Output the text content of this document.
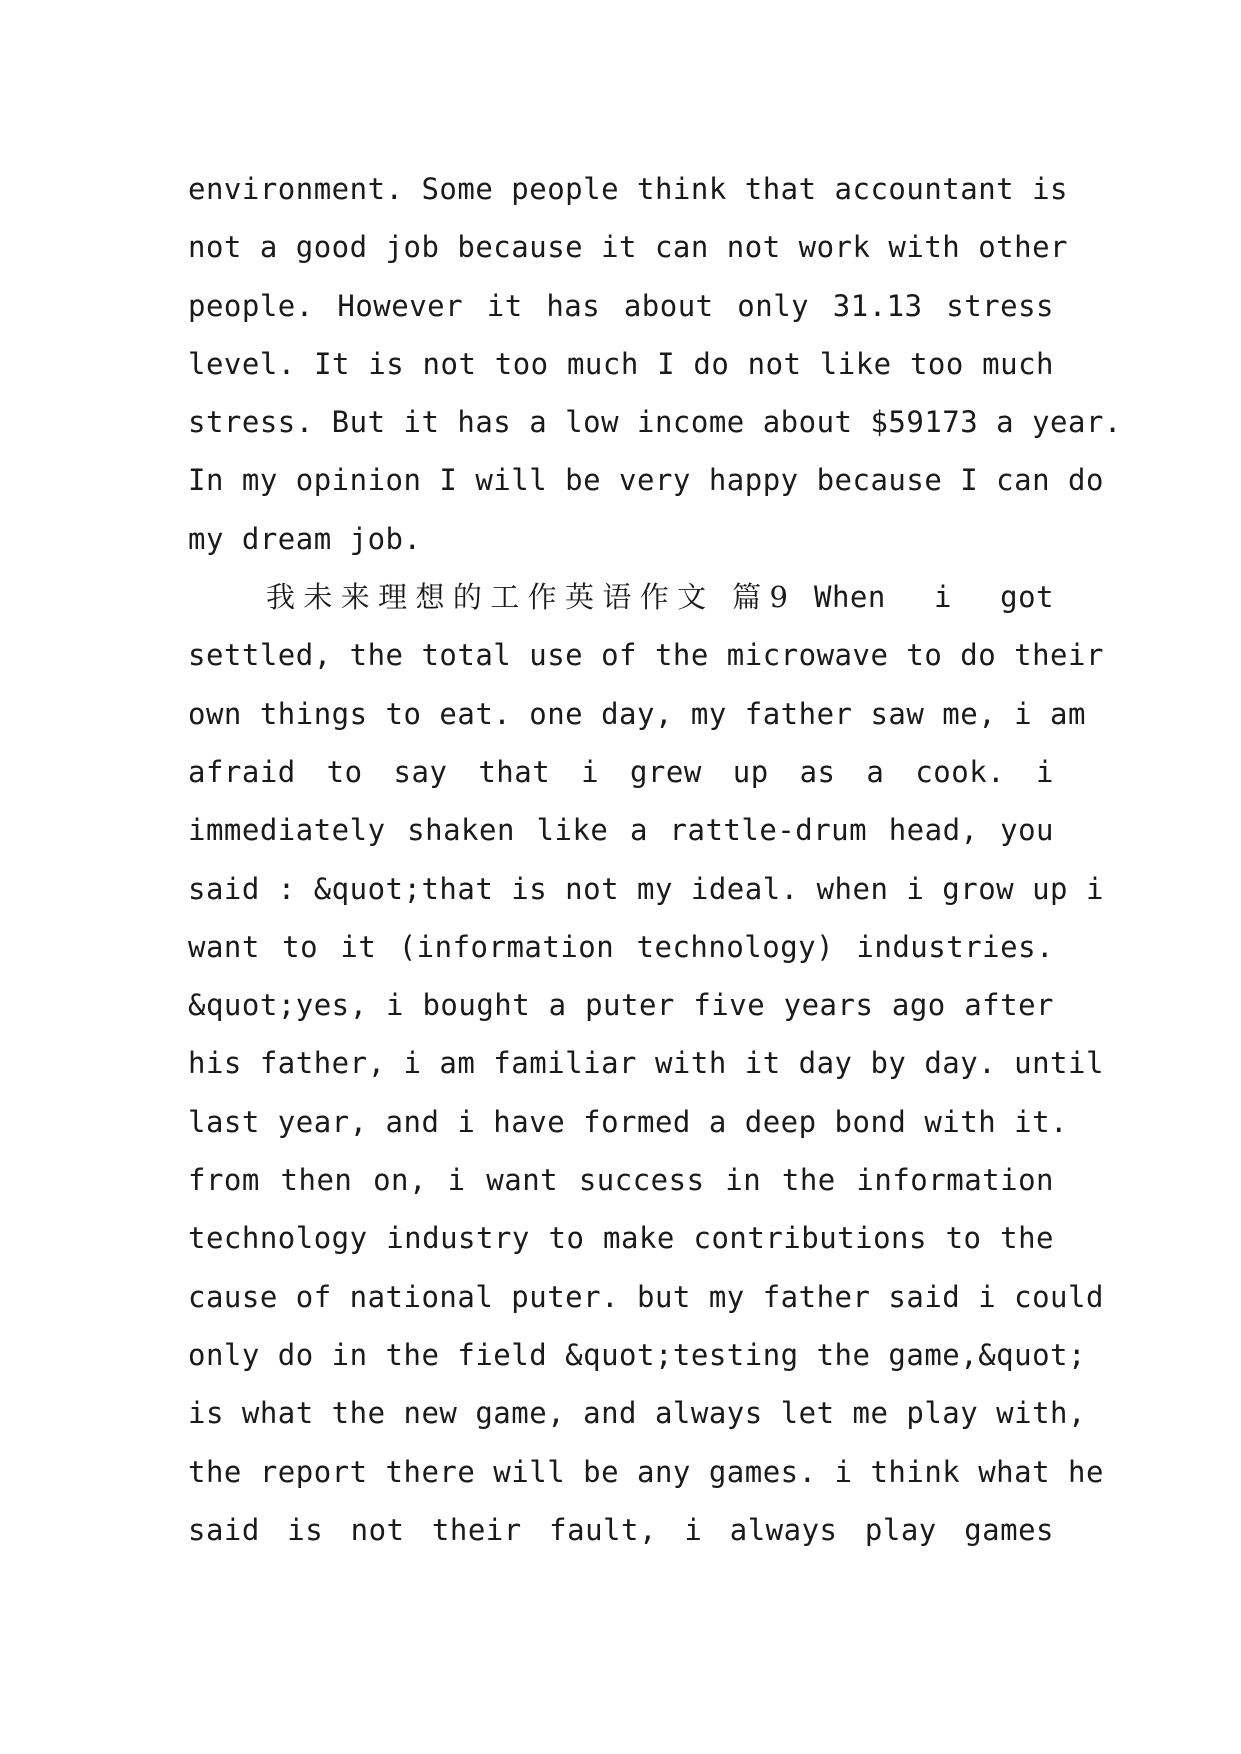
environment. Some people think that accountant is
not a good job because it can not work with other
people. However it has about only 31.13 stress
level. It is not too much I do not like too much
stress. But it has a low income about $59173 a year.
In my opinion I will be very happy because I can do
my dream job.
我未来理想的工作英语作文 篇9 When i got
settled, the total use of the microwave to do their
own things to eat. one day, my father saw me, i am
afraid to say that i grew up as a cook. i
immediately shaken like a rattle-drum head, you
said : &quot;that is not my ideal. when i grow up i
want to it (information technology) industries.
&quot;yes, i bought a puter five years ago after
his father, i am familiar with it day by day. until
last year, and i have formed a deep bond with it.
from then on, i want success in the information
technology industry to make contributions to the
cause of national puter. but my father said i could
only do in the field &quot;testing the game,&quot;
is what the new game, and always let me play with,
the report there will be any games. i think what he
said is not their fault, i always play games
